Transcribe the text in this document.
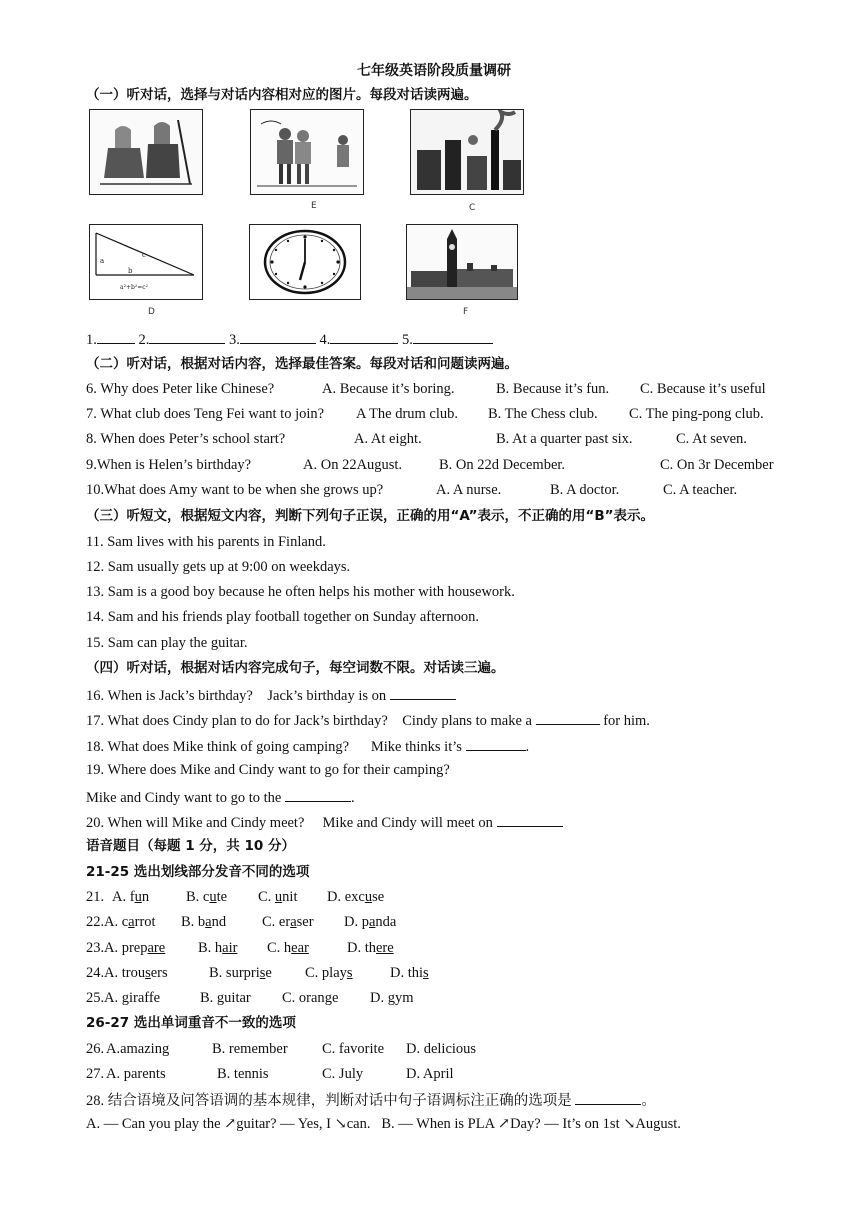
七年级英语阶段质量调研
（一）听对话，选择与对话内容相对应的图片。每段对话读两遍。
E	C
a
c
b
a²+b²=c²
D	F
1.	2.	3.	4.	5.
（二）听对话，根据对话内容，选择最佳答案。每段对话和问题读两遍。
6. Why does Peter like Chinese?	A. Because it’s boring.	B. Because it’s fun. C. Because it’s useful
7. What club does Teng Fei want to join? A The drum club. B. The Chess club. C. The ping-pong club.
8. When does Peter’s school start?	A. At eight.	B. At a quarter past six.	C. At seven.
9.When is Helen’s birthday?	A. On 22August.	B. On 22d December.	C. On 3r December
10.What does Amy want to be when she grows up?	A. A nurse.	B. A doctor.	C. A teacher.
（三）听短文，根据短文内容，判断下列句子正误，正确的用“A”表示，不正确的用“B”表示。
11. Sam lives with his parents in Finland.
12. Sam usually gets up at 9:00 on weekdays.
13. Sam is a good boy because he often helps his mother with housework.
14. Sam and his friends play football together on Sunday afternoon.
15. Sam can play the guitar.
（四）听对话，根据对话内容完成句子，每空词数不限。对话读三遍。
16. When is Jack’s birthday? Jack’s birthday is on
17. What does Cindy plan to do for Jack’s birthday? Cindy plans to make a	for him.
18. What does Mike think of going camping? Mike thinks it’s	.
19. Where does Mike and Cindy want to go for their camping?
Mike and Cindy want to go to the	.
20. When will Mike and Cindy meet? Mike and Cindy will meet on
语音题目（每题 1 分，共 10 分）
21-25 选出划线部分发音不同的选项
21. A. fun	B. cute C. unit D. excuse
22. A. carrot B. band C. eraser D. panda
23. A. prepare B. hair C. hear	D. there
24. A. trousers	B. surprise C. plays	D. this
25. A. giraffe	B. guitar C. orange D. gym
26-27 选出单词重音不一致的选项
26. A.amazing	B. remember C. favorite D. delicious
27. A. parents	B. tennis	C. July	D. April
28. 结合语境及问答语调的基本规律，判断对话中句子语调标注正确的选项是	。
A. — Can you play the ↗guitar? — Yes, I ↘can. B. — When is PLA ↗Day? — It’s on 1st ↘August.
